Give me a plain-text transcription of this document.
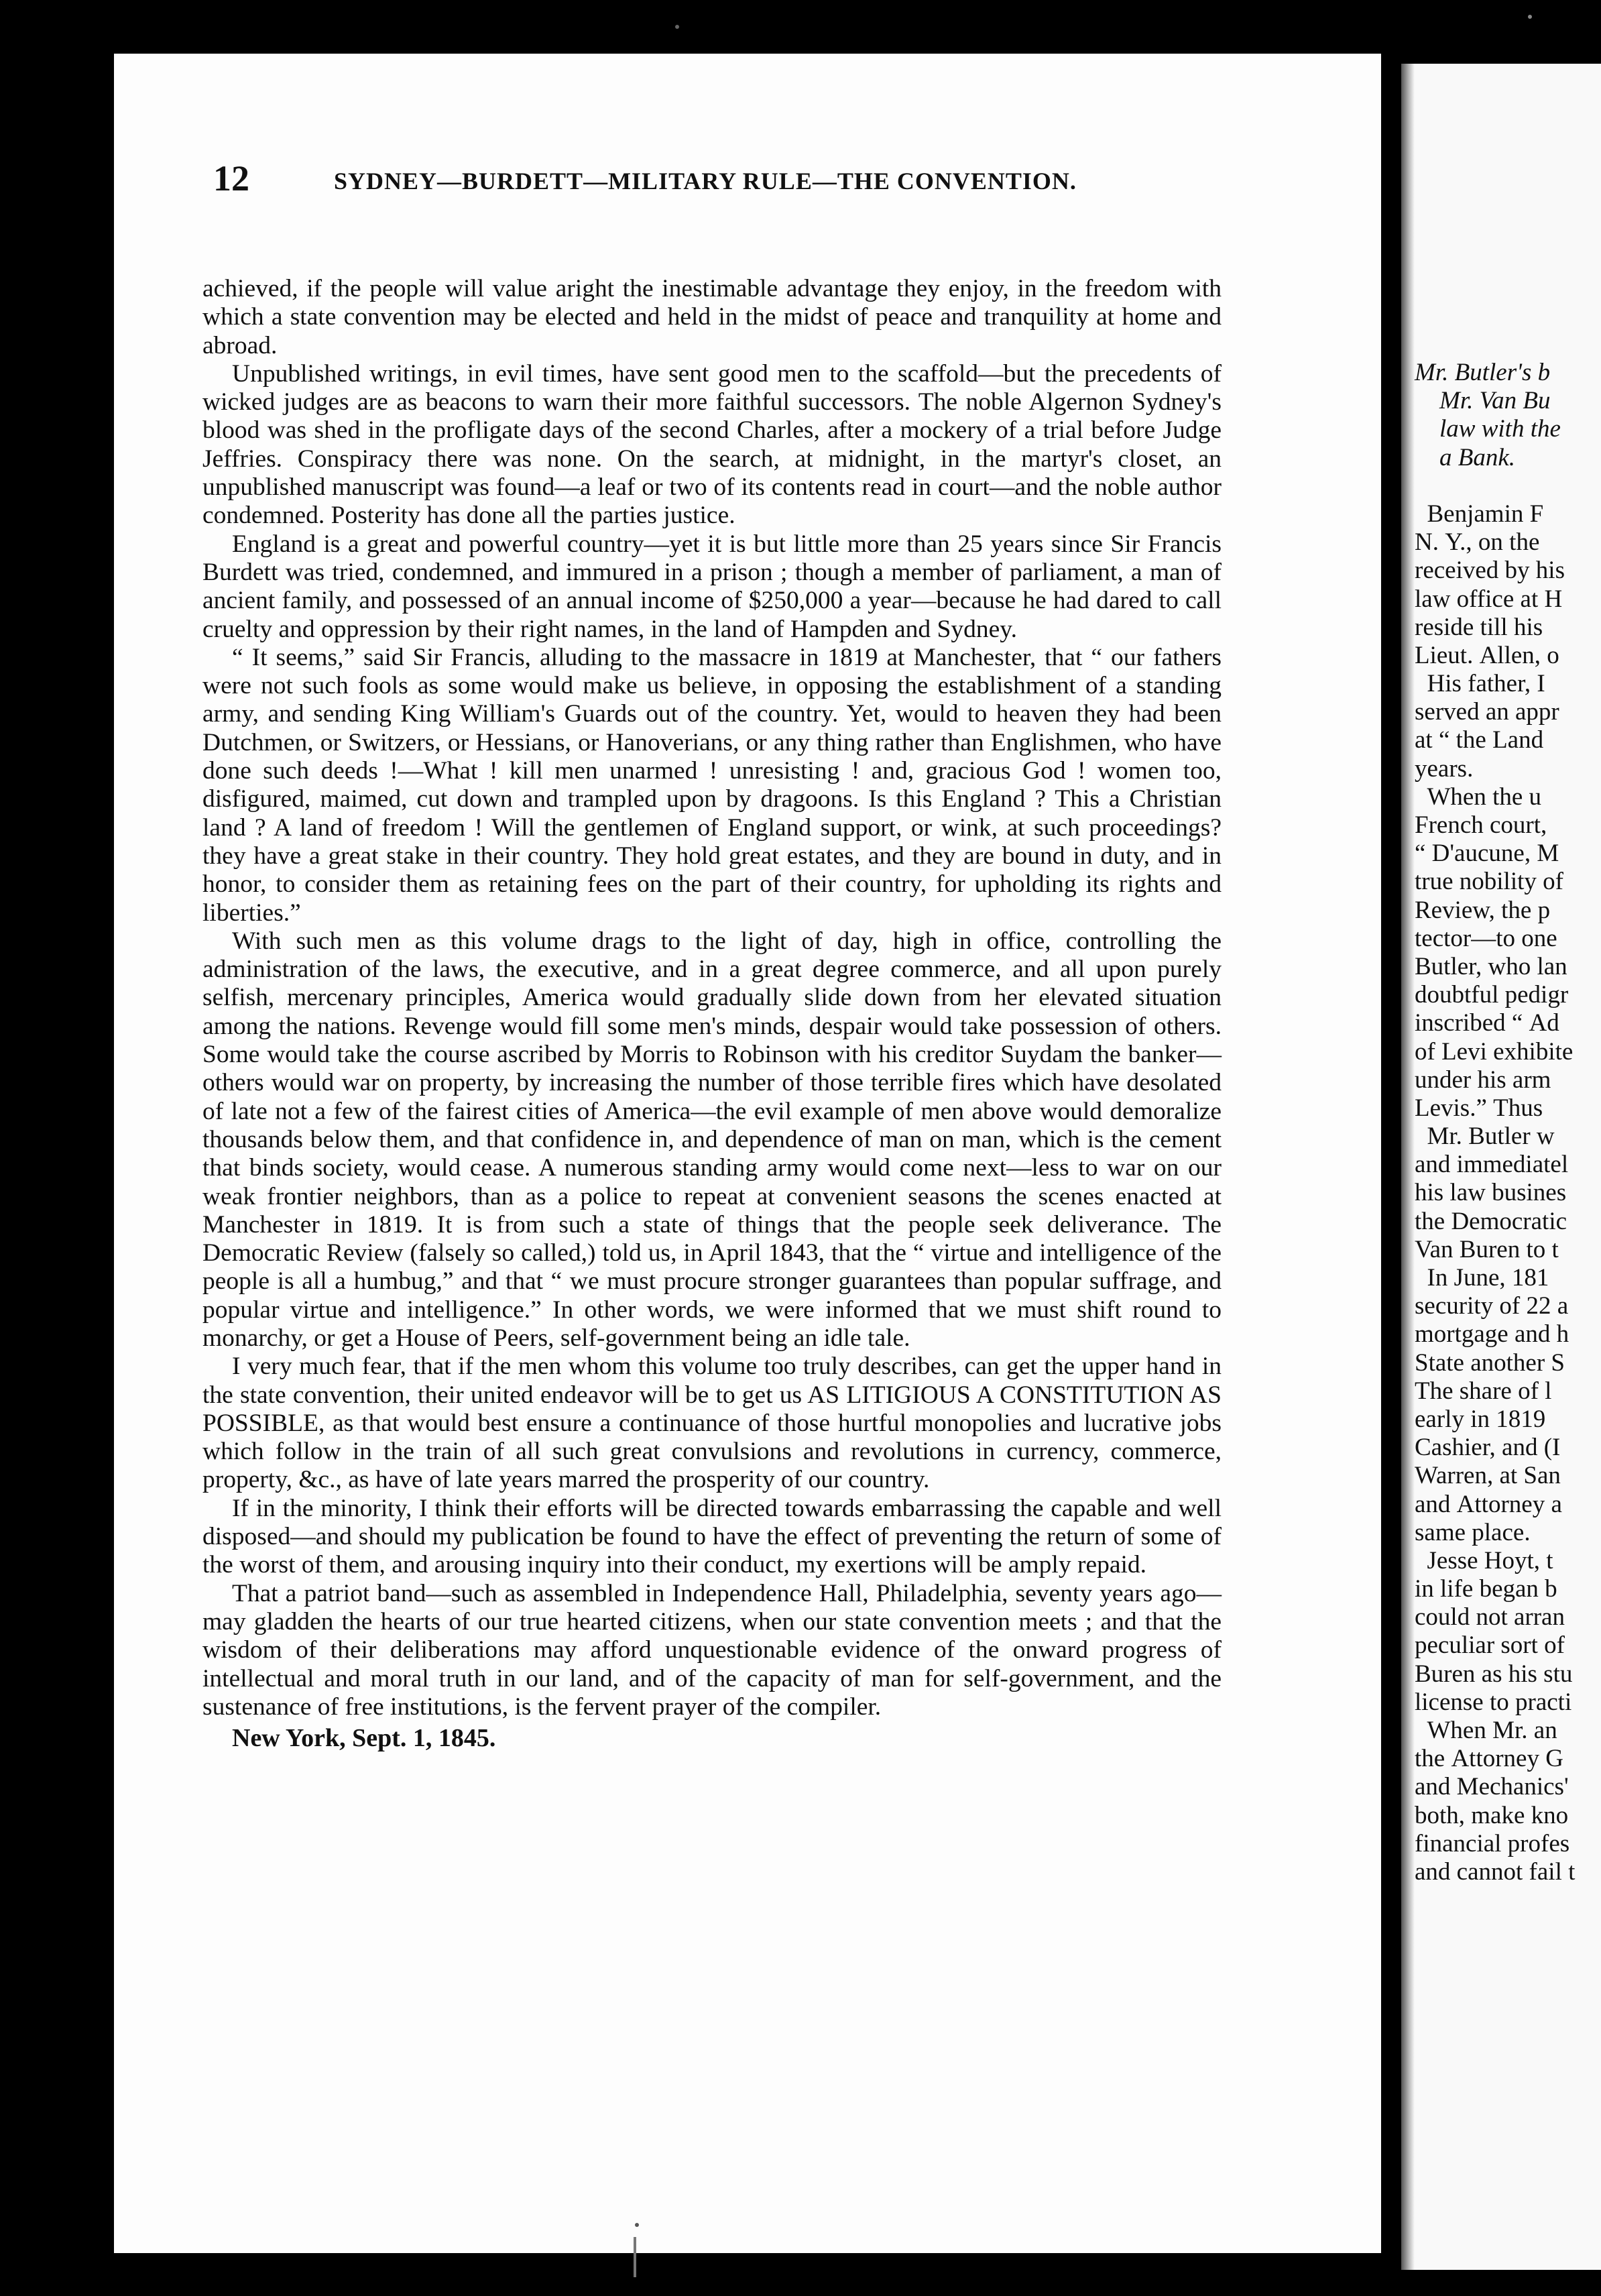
12	SYDNEY—BURDETT—MILITARY RULE—THE CONVENTION.

achieved, if the people will value aright the inestimable advantage they enjoy, in the freedom with which a state convention may be elected and held in the midst of peace and tranquility at home and abroad.

Unpublished writings, in evil times, have sent good men to the scaffold—but the precedents of wicked judges are as beacons to warn their more faithful successors. The noble Algernon Sydney's blood was shed in the profligate days of the second Charles, after a mockery of a trial before Judge Jeffries. Conspiracy there was none. On the search, at midnight, in the martyr's closet, an unpublished manuscript was found—a leaf or two of its contents read in court—and the noble author condemned. Posterity has done all the parties justice.

England is a great and powerful country—yet it is but little more than 25 years since Sir Francis Burdett was tried, condemned, and immured in a prison ; though a member of parliament, a man of ancient family, and possessed of an annual income of $250,000 a year—because he had dared to call cruelty and oppression by their right names, in the land of Hampden and Sydney.

“ It seems,” said Sir Francis, alluding to the massacre in 1819 at Manchester, that “ our fathers were not such fools as some would make us believe, in opposing the establishment of a standing army, and sending King William's Guards out of the country. Yet, would to heaven they had been Dutchmen, or Switzers, or Hessians, or Hanoverians, or any thing rather than Englishmen, who have done such deeds !—What ! kill men unarmed ! unresisting ! and, gracious God ! women too, disfigured, maimed, cut down and trampled upon by dragoons. Is this England ? This a Christian land ? A land of freedom ! Will the gentlemen of England support, or wink, at such proceedings? they have a great stake in their country. They hold great estates, and they are bound in duty, and in honor, to consider them as retaining fees on the part of their country, for upholding its rights and liberties.”

With such men as this volume drags to the light of day, high in office, controlling the administration of the laws, the executive, and in a great degree commerce, and all upon purely selfish, mercenary principles, America would gradually slide down from her elevated situation among the nations. Revenge would fill some men's minds, despair would take possession of others. Some would take the course ascribed by Morris to Robinson with his creditor Suydam the banker—others would war on property, by increasing the number of those terrible fires which have desolated of late not a few of the fairest cities of America—the evil example of men above would demoralize thousands below them, and that confidence in, and dependence of man on man, which is the cement that binds society, would cease. A numerous standing army would come next—less to war on our weak frontier neighbors, than as a police to repeat at convenient seasons the scenes enacted at Manchester in 1819. It is from such a state of things that the people seek deliverance. The Democratic Review (falsely so called,) told us, in April 1843, that the “ virtue and intelligence of the people is all a humbug,” and that “ we must procure stronger guarantees than popular suffrage, and popular virtue and intelligence.” In other words, we were informed that we must shift round to monarchy, or get a House of Peers, self-government being an idle tale.

I very much fear, that if the men whom this volume too truly describes, can get the upper hand in the state convention, their united endeavor will be to get us AS LITIGIOUS A CONSTITUTION AS POSSIBLE, as that would best ensure a continuance of those hurtful monopolies and lucrative jobs which follow in the train of all such great convulsions and revolutions in currency, commerce, property, &c., as have of late years marred the prosperity of our country.

If in the minority, I think their efforts will be directed towards embarrassing the capable and well disposed—and should my publication be found to have the effect of preventing the return of some of the worst of them, and arousing inquiry into their conduct, my exertions will be amply repaid.

That a patriot band—such as assembled in Independence Hall, Philadelphia, seventy years ago—may gladden the hearts of our true hearted citizens, when our state convention meets ; and that the wisdom of their deliberations may afford unquestionable evidence of the onward progress of intellectual and moral truth in our land, and of the capacity of man for self-government, and the sustenance of free institutions, is the fervent prayer of the compiler.

New York, Sept. 1, 1845.
Mr. Butler's b
Mr. Van Bu
law with the
a Bank.
Benjamin F
N. Y., on the
received by his
law office at H
reside till his
Lieut. Allen, o
His father, I
served an appr
at “ the Land
years.
When the u
French court,
“ D'aucune, M
true nobility of
Review, the p
tector—to one
Butler, who lan
doubtful pedigr
inscribed “ Ad
of Levi exhibite
under his arm
Levis.” Thus
Mr. Butler w
and immediatel
his law busines
the Democratic
Van Buren to t
In June, 181
security of 22 a
mortgage and h
State another S
The share of l
early in 1819
Cashier, and (I
Warren, at San
and Attorney a
same place.
Jesse Hoyt, t
in life began b
could not arran
peculiar sort of
Buren as his stu
license to practi
When Mr. an
the Attorney G
and Mechanics'
both, make kno
financial profes
and cannot fail t
